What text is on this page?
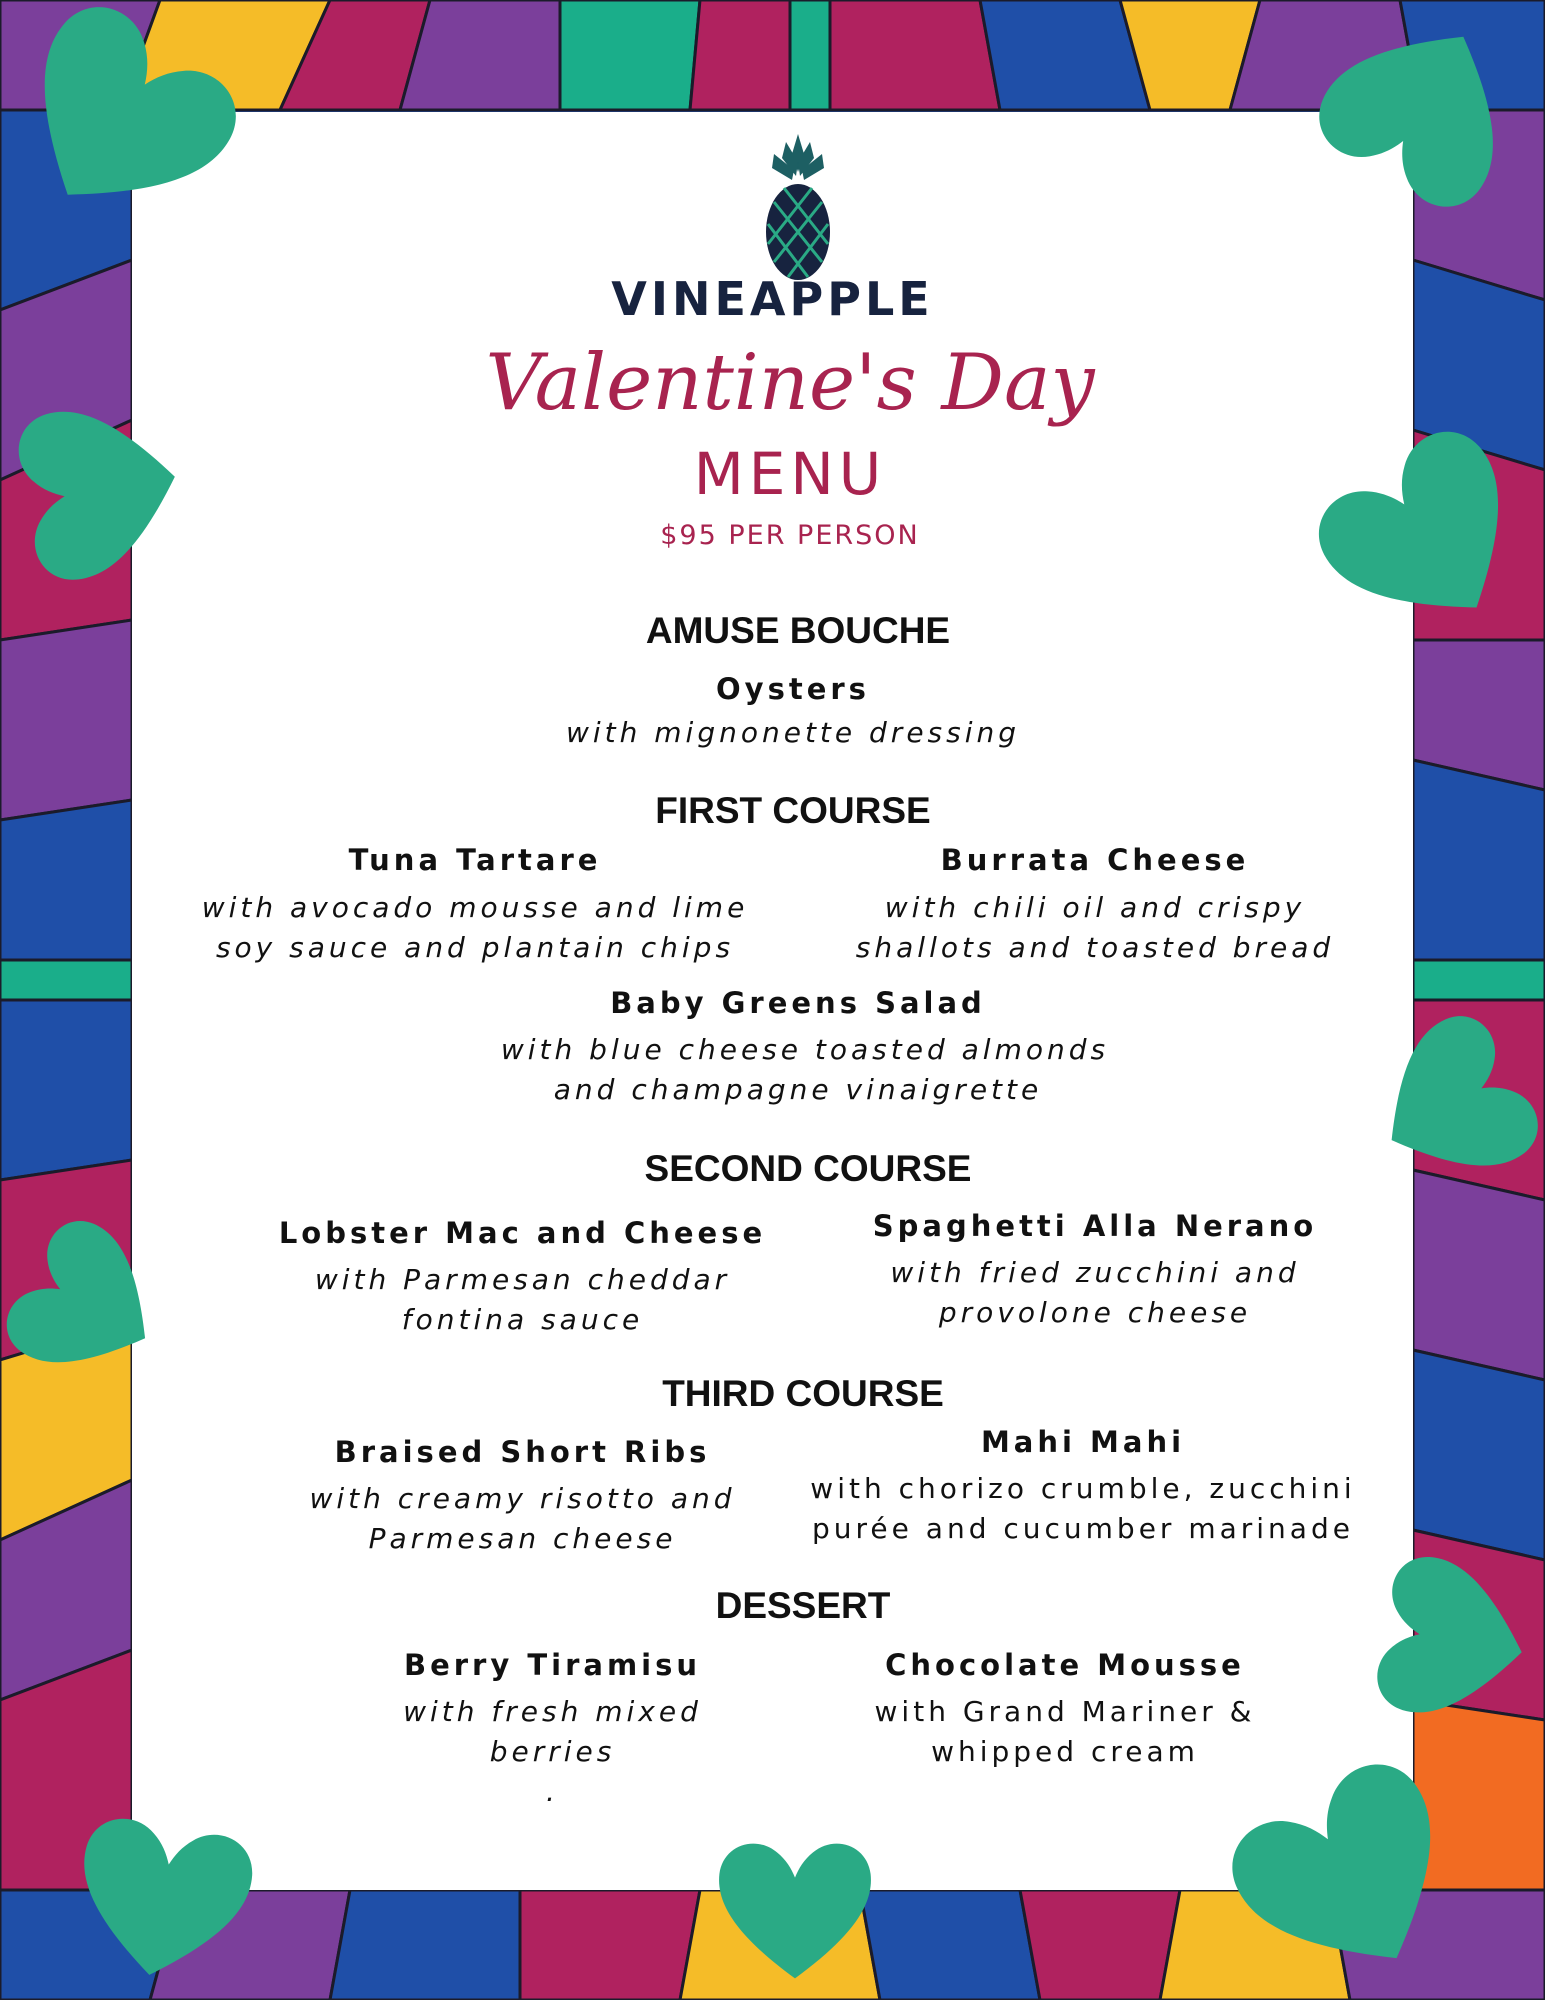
VINEAPPLE
Valentine's Day
MENU
$95 PER PERSON
AMUSE BOUCHE
Oysters
with mignonette dressing
FIRST COURSE
Tuna Tartare
with avocado mousse and lime
soy sauce and plantain chips
Burrata Cheese
with chili oil and crispy
shallots and toasted bread
Baby Greens Salad
with blue cheese toasted almonds
and champagne vinaigrette
SECOND COURSE
Lobster Mac and Cheese
with Parmesan cheddar
fontina sauce
Spaghetti Alla Nerano
with fried zucchini and
provolone cheese
THIRD COURSE
Braised Short Ribs
with creamy risotto and
Parmesan cheese
Mahi Mahi
with chorizo crumble, zucchini
purée and cucumber marinade
DESSERT
Berry Tiramisu
with fresh mixed
berries
.
Chocolate Mousse
with Grand Mariner &
whipped cream
